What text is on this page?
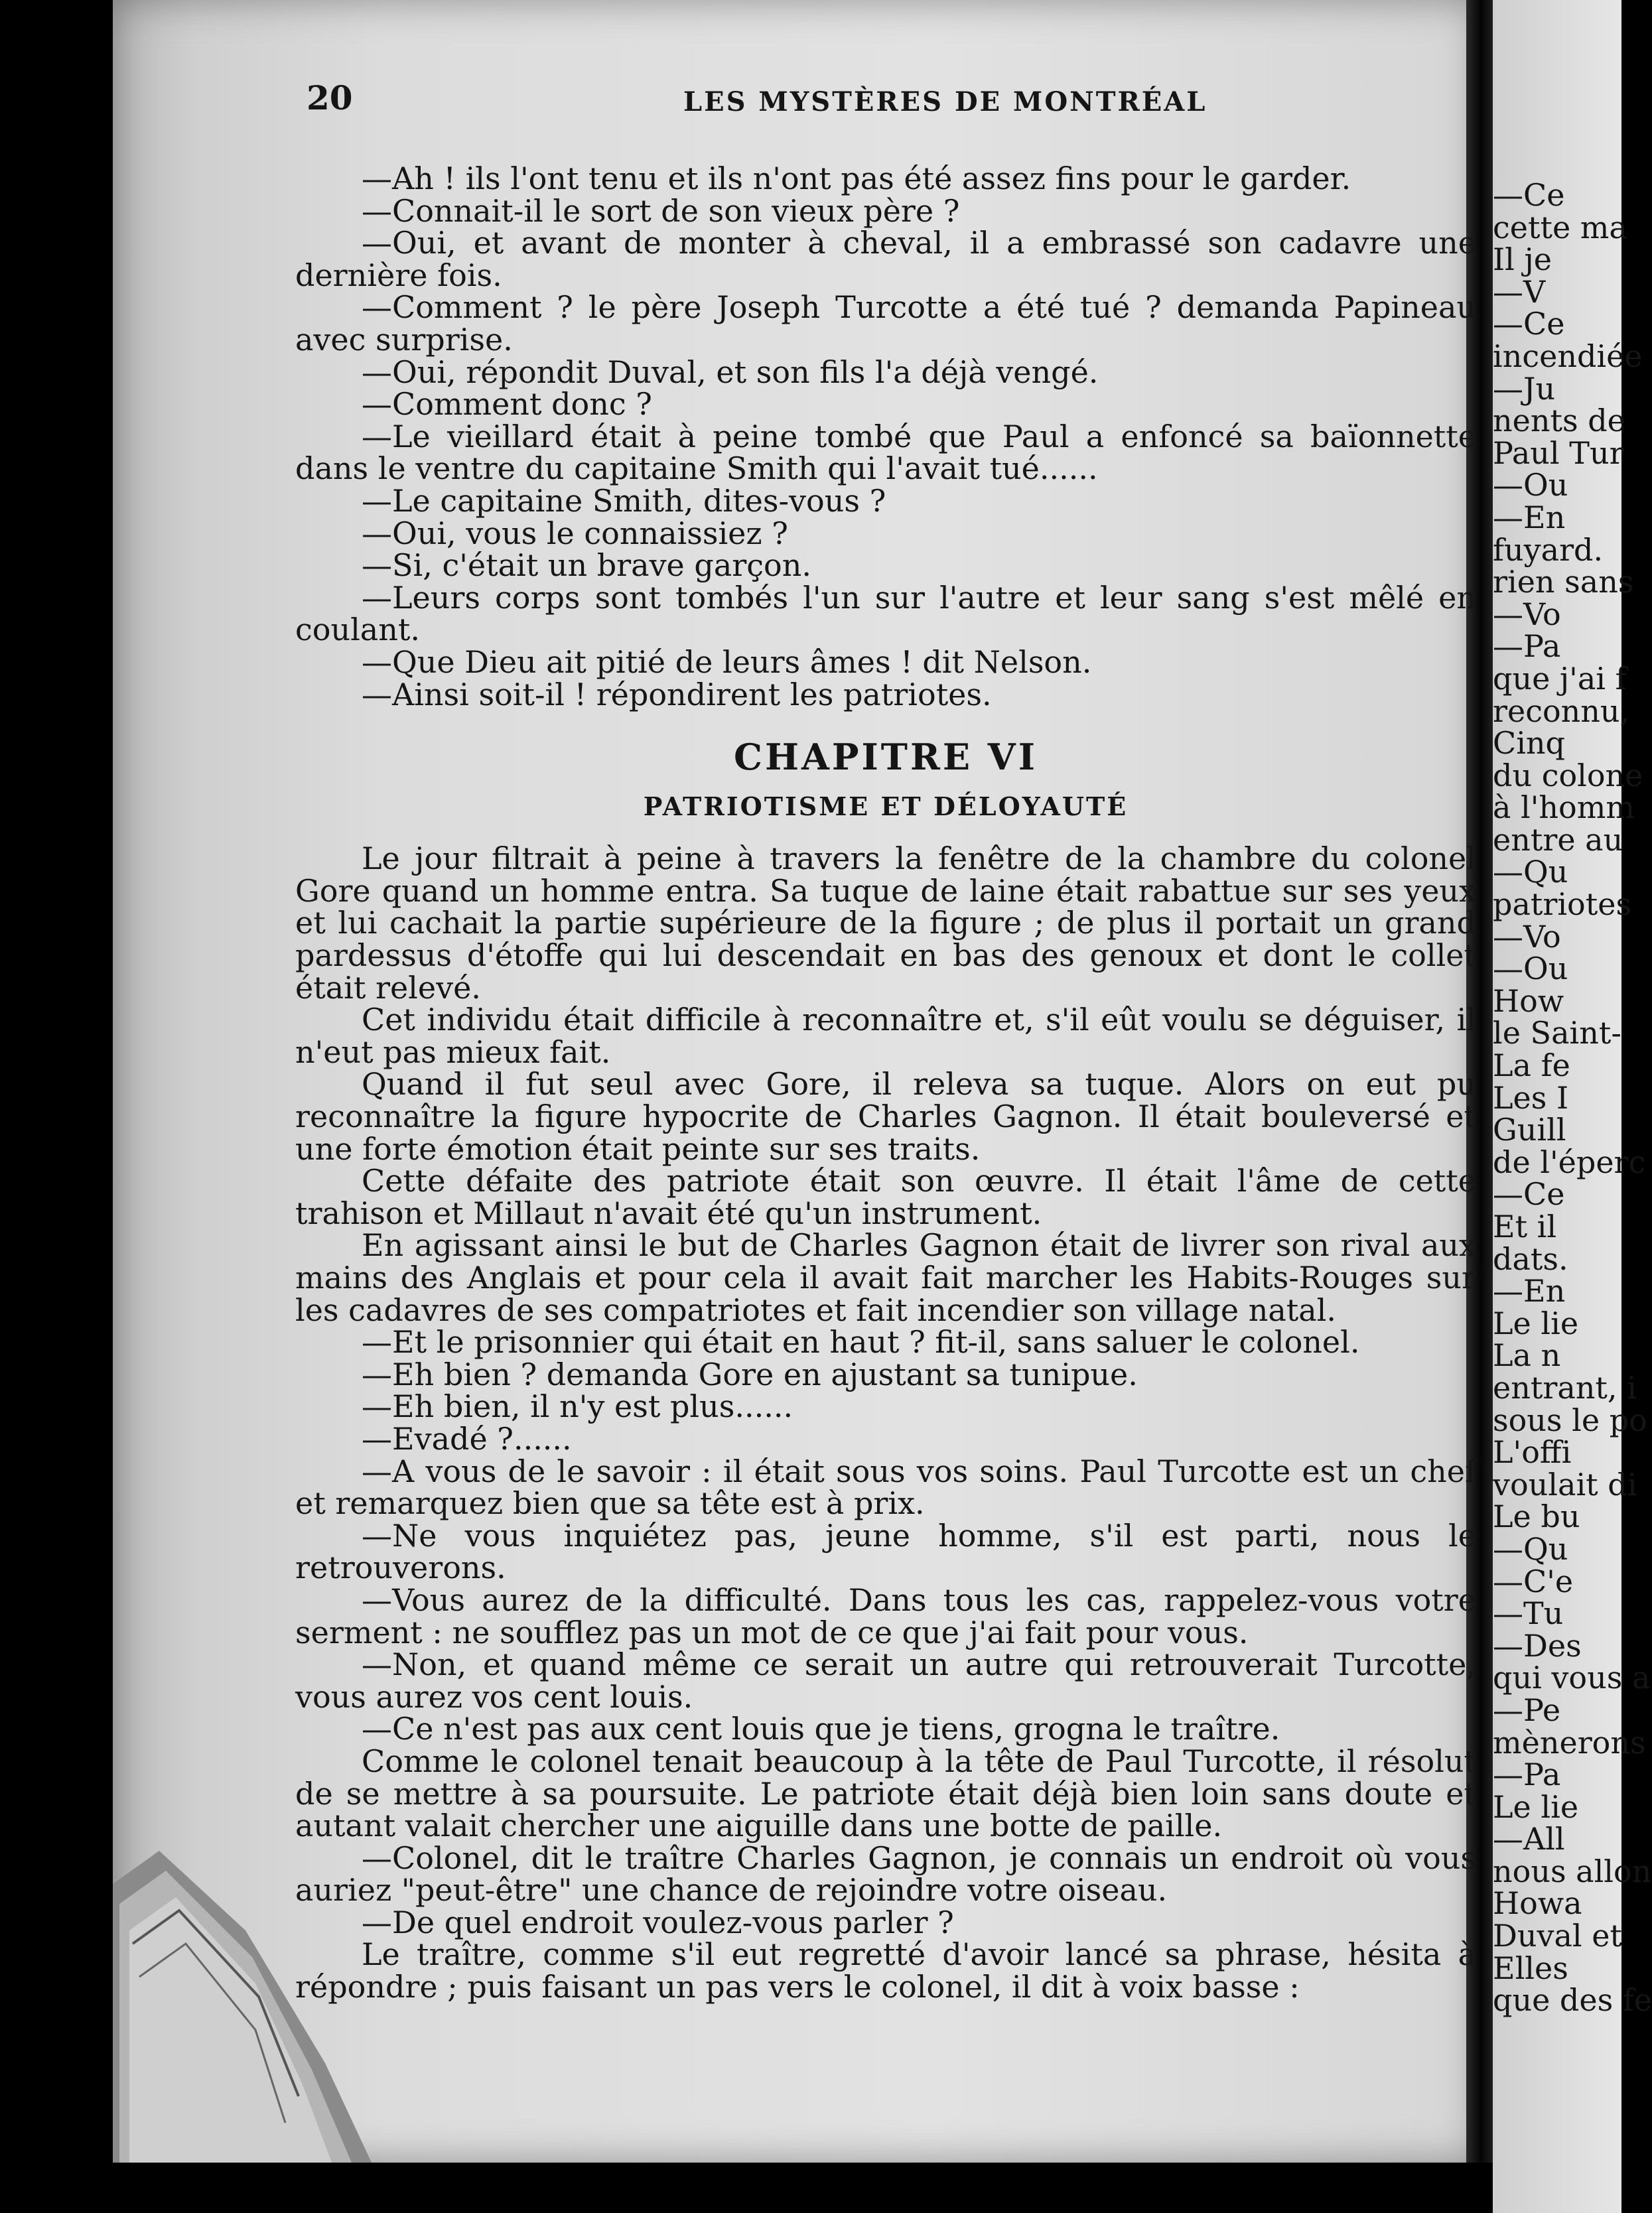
20	LES MYSTÈRES DE MONTRÉAL

—Ah ! ils l'ont tenu et ils n'ont pas été assez fins pour le garder.

—Connait-il le sort de son vieux père ?

—Oui, et avant de monter à cheval, il a embrassé son cadavre une dernière fois.

—Comment ? le père Joseph Turcotte a été tué ? demanda Papineau avec surprise.

—Oui, répondit Duval, et son fils l'a déjà vengé.

—Comment donc ?

—Le vieillard était à peine tombé que Paul a enfoncé sa baïonnette dans le ventre du capitaine Smith qui l'avait tué......

—Le capitaine Smith, dites-vous ?

—Oui, vous le connaissiez ?

—Si, c'était un brave garçon.

—Leurs corps sont tombés l'un sur l'autre et leur sang s'est mêlé en coulant.

—Que Dieu ait pitié de leurs âmes ! dit Nelson.

—Ainsi soit-il ! répondirent les patriotes.

CHAPITRE VI

PATRIOTISME ET DÉLOYAUTÉ

Le jour filtrait à peine à travers la fenêtre de la chambre du colonel Gore quand un homme entra. Sa tuque de laine était rabattue sur ses yeux et lui cachait la partie supérieure de la figure ; de plus il portait un grand pardessus d'étoffe qui lui descendait en bas des genoux et dont le collet était relevé.

Cet individu était difficile à reconnaître et, s'il eût voulu se déguiser, il n'eut pas mieux fait.

Quand il fut seul avec Gore, il releva sa tuque. Alors on eut pu reconnaître la figure hypocrite de Charles Gagnon. Il était bouleversé et une forte émotion était peinte sur ses traits.

Cette défaite des patriote était son œuvre. Il était l'âme de cette trahison et Millaut n'avait été qu'un instrument.

En agissant ainsi le but de Charles Gagnon était de livrer son rival aux mains des Anglais et pour cela il avait fait marcher les Habits-Rouges sur les cadavres de ses compatriotes et fait incendier son village natal.

—Et le prisonnier qui était en haut ? fit-il, sans saluer le colonel.

—Eh bien ? demanda Gore en ajustant sa tunipue.

—Eh bien, il n'y est plus......

—Evadé ?......

—A vous de le savoir : il était sous vos soins. Paul Turcotte est un chef et remarquez bien que sa tête est à prix.

—Ne vous inquiétez pas, jeune homme, s'il est parti, nous le retrouverons.

—Vous aurez de la difficulté. Dans tous les cas, rappelez-vous votre serment : ne soufflez pas un mot de ce que j'ai fait pour vous.

—Non, et quand même ce serait un autre qui retrouverait Turcotte, vous aurez vos cent louis.

—Ce n'est pas aux cent louis que je tiens, grogna le traître.

Comme le colonel tenait beaucoup à la tête de Paul Turcotte, il résolut de se mettre à sa poursuite. Le patriote était déjà bien loin sans doute et autant valait chercher une aiguille dans une botte de paille.

—Colonel, dit le traître Charles Gagnon, je connais un endroit où vous auriez "peut-être" une chance de rejoindre votre oiseau.

—De quel endroit voulez-vous parler ?

Le traître, comme s'il eut regretté d'avoir lancé sa phrase, hésita à répondre ; puis faisant un pas vers le colonel, il dit à voix basse :

—Ce
cette ma
Il je
—V
—Ce
incendiée
—Ju
nents de
Paul Tur
—Ou
—En
fuyard.
rien sans
—Vo
—Pa
que j'ai f
reconnu,
Cinq
du colone
à l'homm
entre au
—Qu
patriotes
—Vo
—Ou
How
le Saint-
La fe
Les I
Guill
de l'éperc
—Ce
Et il
dats.
—En
Le lie
La n
entrant, i
sous le po
L'offi
voulait di
Le bu
—Qu
—C'e
—Tu
—Des
qui vous a
—Pe
mènerons
—Pa
Le lie
—All
nous allon
Howa
Duval et
Elles
que des fe
